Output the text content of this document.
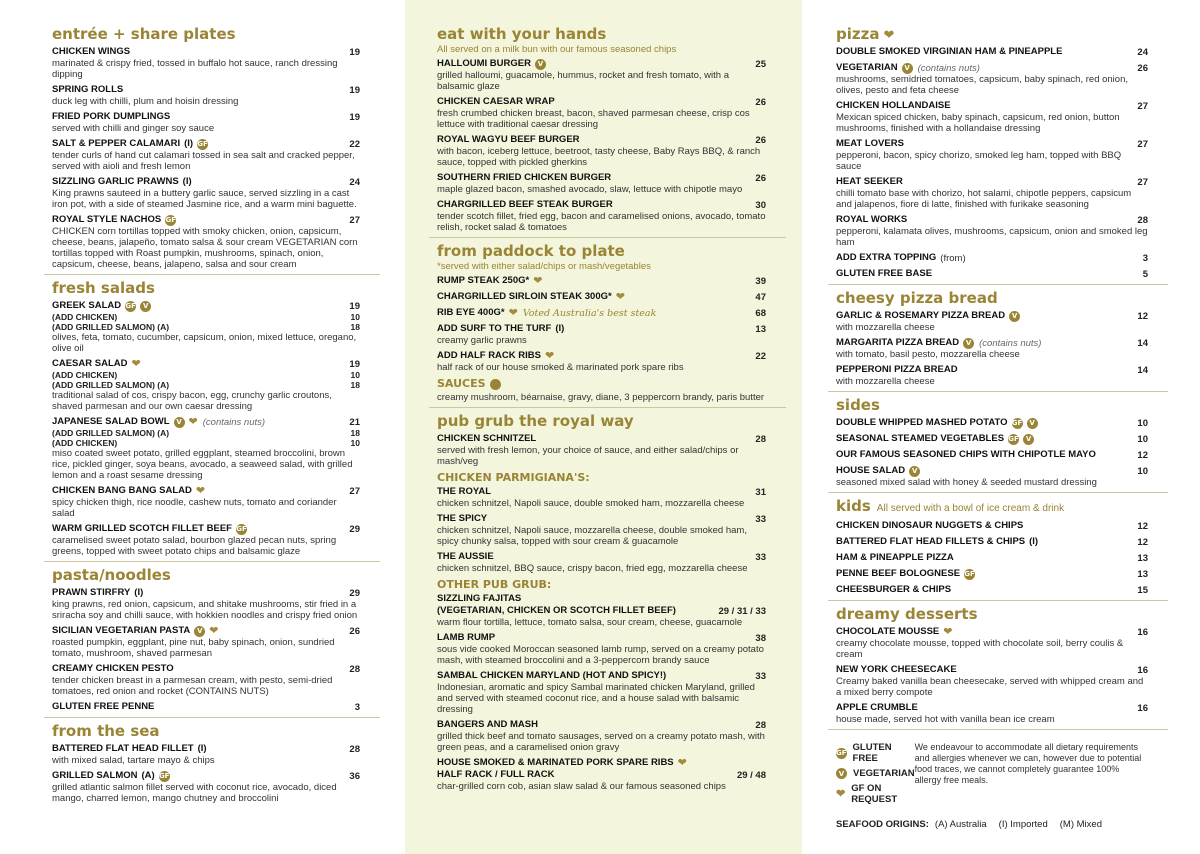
entrée + share plates
CHICKEN WINGS	19
marinated & crispy fried, tossed in buffalo hot sauce, ranch dressing dipping
SPRING ROLLS	19
duck leg with chilli, plum and hoisin dressing
FRIED PORK DUMPLINGS	19
served with chilli and ginger soy sauce
SALT & PEPPER CALAMARI (I) GF	22
tender curls of hand cut calamari tossed in sea salt and cracked pepper, served with aioli and fresh lemon
SIZZLING GARLIC PRAWNS (I)	24
King prawns sauteed in a buttery garlic sauce, served sizzling in a cast iron pot, with a side of steamed Jasmine rice, and a warm mini baguette.
ROYAL STYLE NACHOS GF	27
CHICKEN corn tortillas topped with smoky chicken, onion, capsicum, cheese, beans, jalapeño, tomato salsa & sour cream VEGETARIAN corn tortillas topped with Roast pumpkin, mushrooms, spinach, onion, capsicum, cheese, beans, jalapeno, salsa and sour cream
fresh salads
GREEK SALAD GF	V	19
(ADD CHICKEN)	10
(ADD GRILLED SALMON) (A)	18
olives, feta, tomato, cucumber, capsicum, onion, mixed lettuce, oregano, olive oil
CAESAR SALAD ❤	19
(ADD CHICKEN)	10
(ADD GRILLED SALMON) (A)	18
traditional salad of cos, crispy bacon, egg, crunchy garlic croutons, shaved parmesan and our own caesar dressing
JAPANESE SALAD BOWL V ❤ (contains nuts)	21
(ADD GRILLED SALMON) (A)	18
(ADD CHICKEN)	10
miso coated sweet potato, grilled eggplant, steamed broccolini, brown rice, pickled ginger, soya beans, avocado, a seaweed salad, with grilled lemon and a roast sesame dressing
CHICKEN BANG BANG SALAD ❤	27
spicy chicken thigh, rice noodle, cashew nuts, tomato and coriander salad
WARM GRILLED SCOTCH FILLET BEEF GF	29
caramelised sweet potato salad, bourbon glazed pecan nuts, spring greens, topped with sweet potato chips and balsamic glaze
pasta/noodles
PRAWN STIRFRY (I)	29
king prawns, red onion, capsicum, and shitake mushrooms, stir fried in a sriracha soy and chilli sauce, with hokkien noodles and crispy fried onion
SICILIAN VEGETARIAN PASTA V ❤	26
roasted pumpkin, eggplant, pine nut, baby spinach, onion, sundried tomato, mushroom, shaved parmesan
CREAMY CHICKEN PESTO	28
tender chicken breast in a parmesan cream, with pesto, semi-dried tomatoes, red onion and rocket (CONTAINS NUTS)
GLUTEN FREE PENNE	3
from the sea
BATTERED FLAT HEAD FILLET (I)	28
with mixed salad, tartare mayo & chips
GRILLED SALMON (A) GF	36
grilled atlantic salmon fillet served with coconut rice, avocado, diced mango, charred lemon, mango chutney and broccolini
eat with your hands
All served on a milk bun with our famous seasoned chips
HALLOUMI BURGER V	25
grilled halloumi, guacamole, hummus, rocket and fresh tomato, with a balsamic glaze
CHICKEN CAESAR WRAP	26
fresh crumbed chicken breast, bacon, shaved parmesan cheese, crisp cos lettuce with traditional caesar dressing
ROYAL WAGYU BEEF BURGER	26
with bacon, iceberg lettuce, beetroot, tasty cheese, Baby Rays BBQ, & ranch sauce, topped with pickled gherkins
SOUTHERN FRIED CHICKEN BURGER	26
maple glazed bacon, smashed avocado, slaw, lettuce with chipotle mayo
CHARGRILLED BEEF STEAK BURGER	30
tender scotch fillet, fried egg, bacon and caramelised onions, avocado, tomato relish, rocket salad & tomatoes
from paddock to plate
*served with either salad/chips or mash/vegetables
RUMP STEAK 250G* ❤	39
CHARGRILLED SIRLOIN STEAK 300G* ❤	47
RIB EYE 400G* ❤ Voted Australia's best steak	68
ADD SURF TO THE TURF (I)	13
creamy garlic prawns
ADD HALF RACK RIBS ❤	22
half rack of our house smoked & marinated pork spare ribs
SAUCES
creamy mushroom, béarnaise, gravy, diane, 3 peppercorn brandy, paris butter
pub grub the royal way
CHICKEN SCHNITZEL	28
served with fresh lemon, your choice of sauce, and either salad/chips or mash/veg
CHICKEN PARMIGIANA'S:
THE ROYAL	31
chicken schnitzel, Napoli sauce, double smoked ham, mozzarella cheese
THE SPICY	33
chicken schnitzel, Napoli sauce, mozzarella cheese, double smoked ham, spicy chunky salsa, topped with sour cream & guacamole
THE AUSSIE	33
chicken schnitzel, BBQ sauce, crispy bacon, fried egg, mozzarella cheese
OTHER PUB GRUB:
SIZZLING FAJITAS
(VEGETARIAN, CHICKEN OR SCOTCH FILLET BEEF)	29 / 31 / 33
warm flour tortilla, lettuce, tomato salsa, sour cream, cheese, guacamole
LAMB RUMP	38
sous vide cooked Moroccan seasoned lamb rump, served on a creamy potato mash, with steamed broccolini and a 3-peppercorn brandy sauce
SAMBAL CHICKEN MARYLAND (HOT AND SPICY!)	33
Indonesian, aromatic and spicy Sambal marinated chicken Maryland, grilled and served with steamed coconut rice, and a house salad with balsamic dressing
BANGERS AND MASH	28
grilled thick beef and tomato sausages, served on a creamy potato mash, with green peas, and a caramelised onion gravy
HOUSE SMOKED & MARINATED PORK SPARE RIBS ❤
HALF RACK / FULL RACK	29 / 48
char-grilled corn cob, asian slaw salad & our famous seasoned chips
pizza ❤
DOUBLE SMOKED VIRGINIAN HAM & PINEAPPLE	24
VEGETARIAN V (contains nuts)	26
mushrooms, semidried tomatoes, capsicum, baby spinach, red onion, olives, pesto and feta cheese
CHICKEN HOLLANDAISE	27
Mexican spiced chicken, baby spinach, capsicum, red onion, button mushrooms, finished with a hollandaise dressing
MEAT LOVERS	27
pepperoni, bacon, spicy chorizo, smoked leg ham, topped with BBQ sauce
HEAT SEEKER	27
chilli tomato base with chorizo, hot salami, chipotle peppers, capsicum and jalapenos, fiore di latte, finished with furikake seasoning
ROYAL WORKS	28
pepperoni, kalamata olives, mushrooms, capsicum, onion and smoked leg ham
ADD EXTRA TOPPING (from)	3
GLUTEN FREE BASE	5
cheesy pizza bread
GARLIC & ROSEMARY PIZZA BREAD V	12
with mozzarella cheese
MARGARITA PIZZA BREAD V (contains nuts)	14
with tomato, basil pesto, mozzarella cheese
PEPPERONI PIZZA BREAD	14
with mozzarella cheese
sides
DOUBLE WHIPPED MASHED POTATO GF	V	10
SEASONAL STEAMED VEGETABLES GF	V	10
OUR FAMOUS SEASONED CHIPS WITH CHIPOTLE MAYO	12
HOUSE SALAD V	10
seasoned mixed salad with honey & seeded mustard dressing
kids All served with a bowl of ice cream & drink
CHICKEN DINOSAUR NUGGETS & CHIPS	12
BATTERED FLAT HEAD FILLETS & CHIPS (I)	12
HAM & PINEAPPLE PIZZA	13
PENNE BEEF BOLOGNESE GF	13
CHEESBURGER & CHIPS	15
dreamy desserts
CHOCOLATE MOUSSE ❤	16
creamy chocolate mousse, topped with chocolate soil, berry coulis & cream
NEW YORK CHEESECAKE	16
Creamy baked vanilla bean cheesecake, served with whipped cream and a mixed berry compote
APPLE CRUMBLE	16
house made, served hot with vanilla bean ice cream
GF GLUTEN FREE
V VEGETARIAN
❤ GF ON REQUEST
We endeavour to accommodate all dietary requirements and allergies whenever we can, however due to potential food traces, we cannot completely guarantee 100% allergy free meals.
SEAFOOD ORIGINS: (A) Australia (I) Imported (M) Mixed
